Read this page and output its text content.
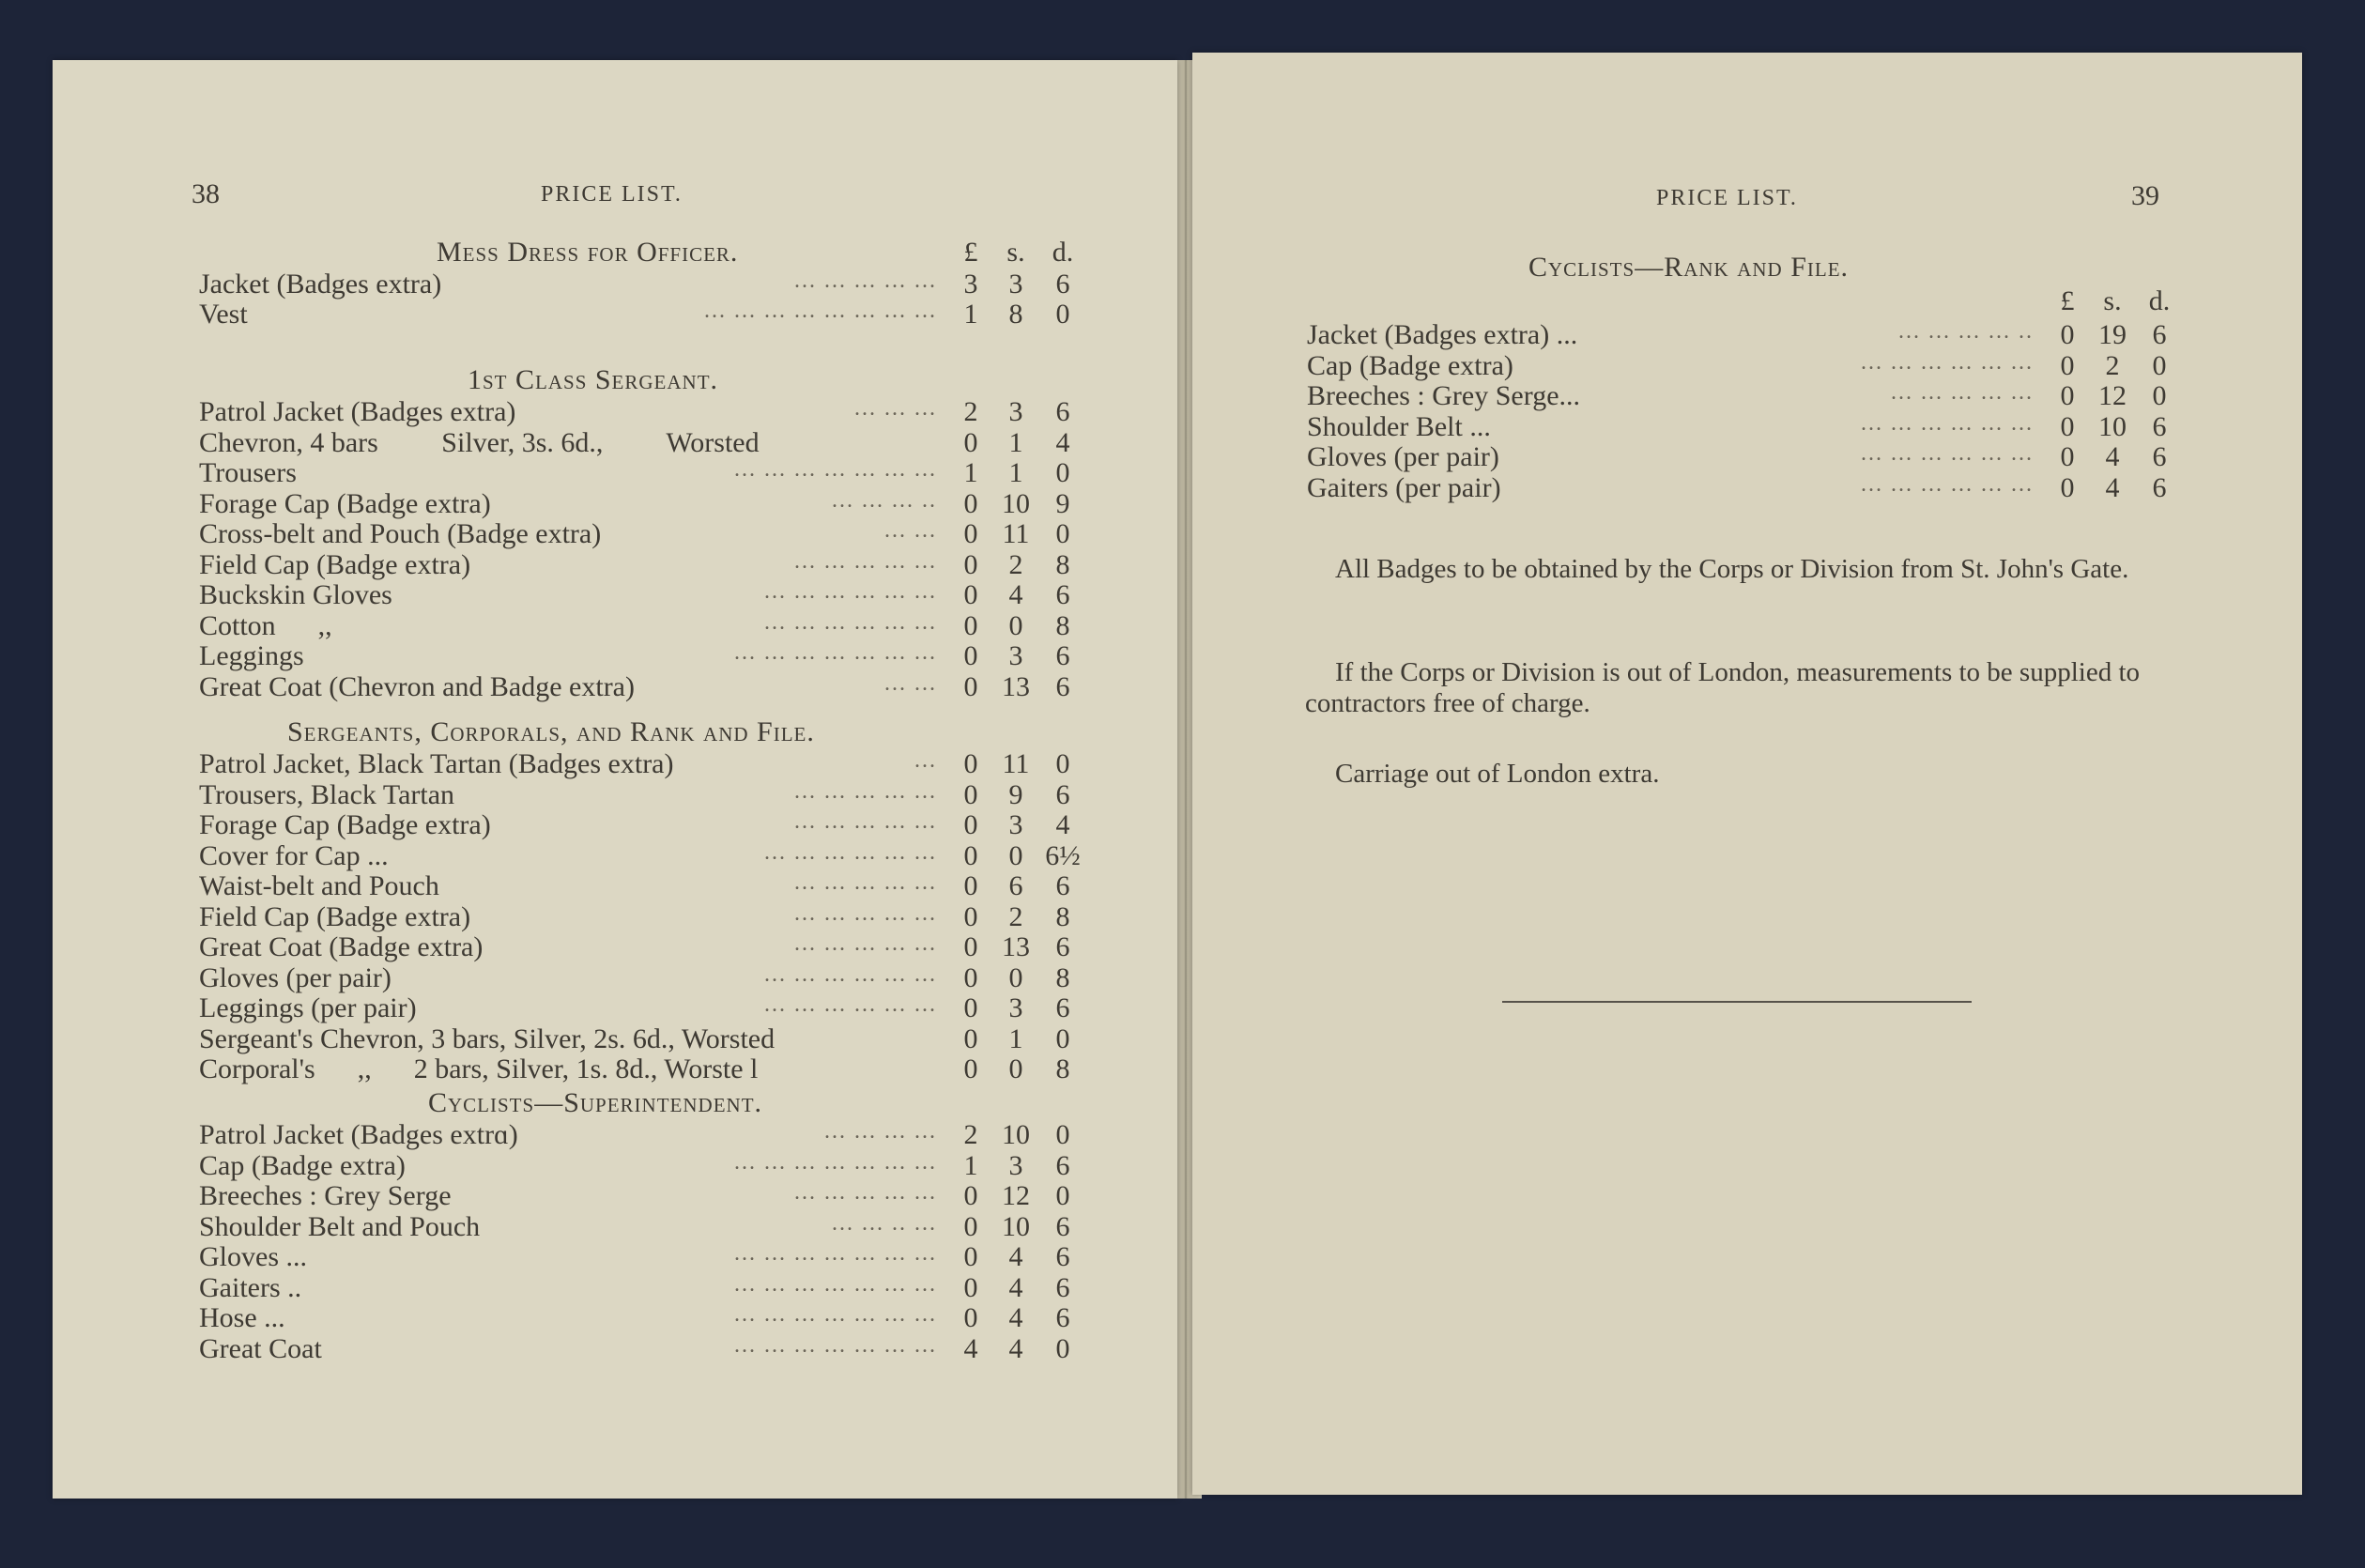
38	PRICE LIST.
£	s. d.
Mess Dress for Officer.
Jacket (Badges extra)	... ... ... ... ... 3	3	6
Vest	... ... ... ... ... ... ... ... 1	8	0
1st Class Sergeant.
Patrol Jacket (Badges extra)	... ... ... 2	3	6
Chevron, 4 bars         Silver, 3s. 6d.,         Worsted	0	1	4
Trousers	... ... ... ... ... ... ... 1	1	0
Forage Cap (Badge extra)	... ... ... .. 0 10 9
Cross-belt and Pouch (Badge extra)	... ... 0 11 0
Field Cap (Badge extra)	... ... ... ... ... 0	2	8
Buckskin Gloves	... ... ... ... ... ... 0	4	6
Cotton      ,,	... ... ... ... ... ... 0	0	8
Leggings	... ... ... ... ... ... ... 0	3	6
Great Coat (Chevron and Badge extra)	... ... 0 13 6
Sergeants, Corporals, and Rank and File.
Patrol Jacket, Black Tartan (Badges extra)	... 0 11 0
Trousers, Black Tartan	... ... ... ... ... 0	9	6
Forage Cap (Badge extra)	... ... ... ... ... 0	3	4
Cover for Cap ...	... ... ... ... ... ... 0	0 6½
Waist-belt and Pouch	... ... ... ... ... 0	6	6
Field Cap (Badge extra)	... ... ... ... ... 0	2	8
Great Coat (Badge extra)	... ... ... ... ... 0 13 6
Gloves (per pair)	... ... ... ... ... ... 0	0	8
Leggings (per pair)	... ... ... ... ... ... 0	3	6
Sergeant's Chevron, 3 bars, Silver, 2s. 6d., Worsted	0	1	0
Corporal's      ,,      2 bars, Silver, 1s. 8d., Worste l	0	0	8
Cyclists—Superintendent.
Patrol Jacket (Badges extrɑ)	... ... ... ... 2 10 0
Cap (Badge extra)	... ... ... ... ... ... ... 1	3	6
Breeches : Grey Serge	... ... ... ... ... 0 12 0
Shoulder Belt and Pouch	... ... .. ... 0 10 6
Gloves ...	... ... ... ... ... ... ... 0	4	6
Gaiters ..	... ... ... ... ... ... ... 0	4	6
Hose ...	... ... ... ... ... ... ... 0	4	6
Great Coat	... ... ... ... ... ... ... 4	4	0
PRICE LIST.	39
Cyclists—Rank and File.
£	s. d.
Jacket (Badges extra) ...	... ... ... ... .. 0 19 6
Cap (Badge extra)	... ... ... ... ... ... 0	2	0
Breeches : Grey Serge...	... ... ... ... ... 0 12 0
Shoulder Belt ...	... ... ... ... ... ... 0 10 6
Gloves (per pair)	... ... ... ... ... ... 0	4	6
Gaiters (per pair)	... ... ... ... ... ... 0	4	6
All Badges to be obtained by the Corps or Division from St. John's Gate.
If the Corps or Division is out of London, measurements to be supplied to contractors free of charge.
Carriage out of London extra.
